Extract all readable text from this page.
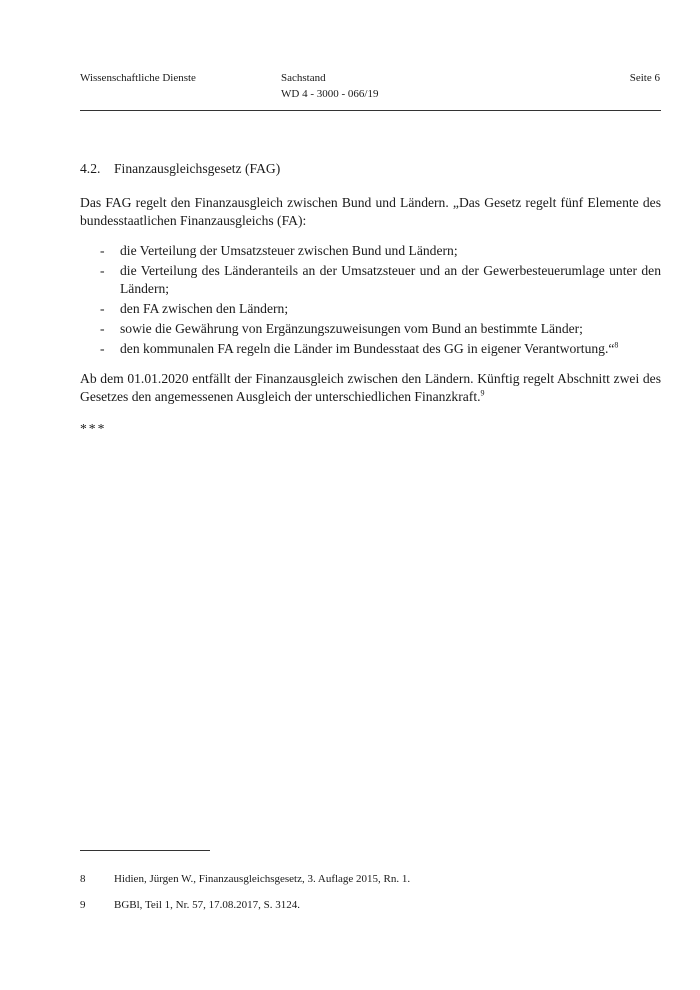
Wissenschaftliche Dienste	Sachstand
WD 4 - 3000 - 066/19
Seite 6
4.2. Finanzausgleichsgesetz (FAG)

Das FAG regelt den Finanzausgleich zwischen Bund und Ländern. „Das Gesetz regelt fünf Elemente des bundesstaatlichen Finanzausgleichs (FA):

- die Verteilung der Umsatzsteuer zwischen Bund und Ländern;
- die Verteilung des Länderanteils an der Umsatzsteuer und an der Gewerbesteuerumlage unter den Ländern;
- den FA zwischen den Ländern;
- sowie die Gewährung von Ergänzungszuweisungen vom Bund an bestimmte Länder;
- den kommunalen FA regeln die Länder im Bundesstaat des GG in eigener Verantwortung.“$^8$

Ab dem 01.01.2020 entfällt der Finanzausgleich zwischen den Ländern. Künftig regelt Abschnitt zwei des Gesetzes den angemessenen Ausgleich der unterschiedlichen Finanzkraft.$^9$

***
8	Hidien, Jürgen W., Finanzausgleichsgesetz, 3. Auflage 2015, Rn. 1.
9	BGBl, Teil 1, Nr. 57, 17.08.2017, S. 3124.
